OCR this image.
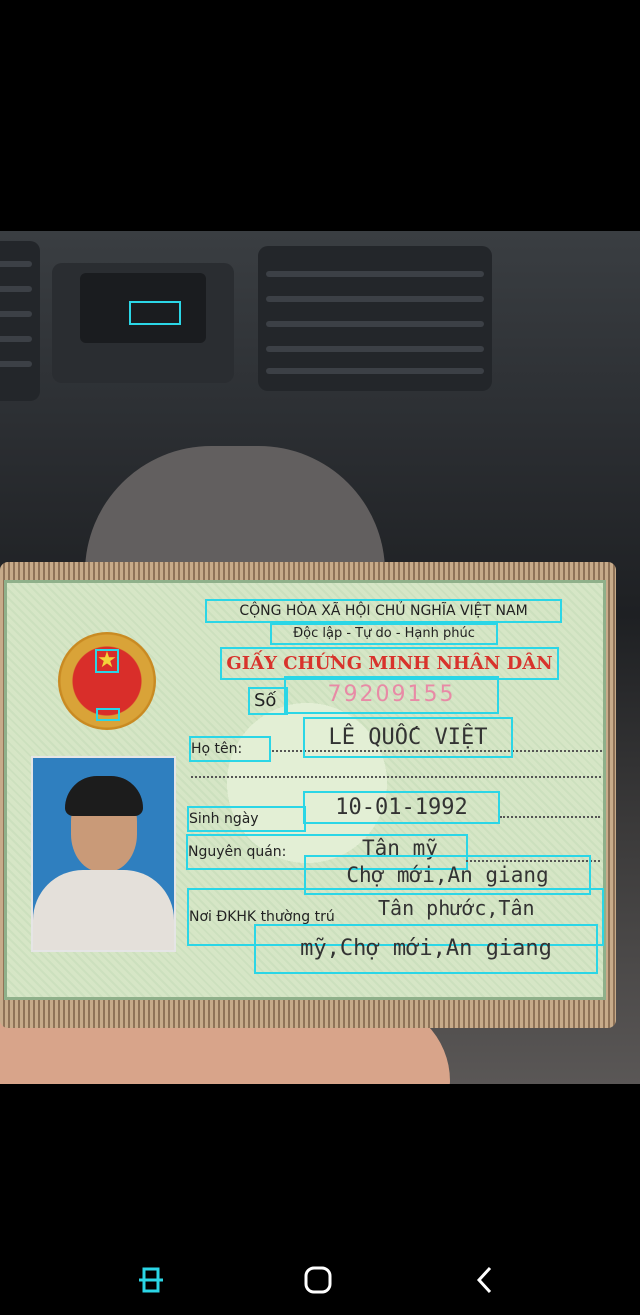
★
CỘNG HÒA XÃ HỘI CHỦ NGHĨA VIỆT NAM
Độc lập - Tự do - Hạnh phúc
GIẤY CHỨNG MINH NHÂN DÂN
Số	79209155
Họ tên:	LÊ QUỐC VIỆT
Sinh ngày	10-01-1992
Nguyên quán:	Tân mỹ
Chợ mới,An giang
Nơi ĐKHK thường trú	Tân phước,Tân
mỹ,Chợ mới,An giang
